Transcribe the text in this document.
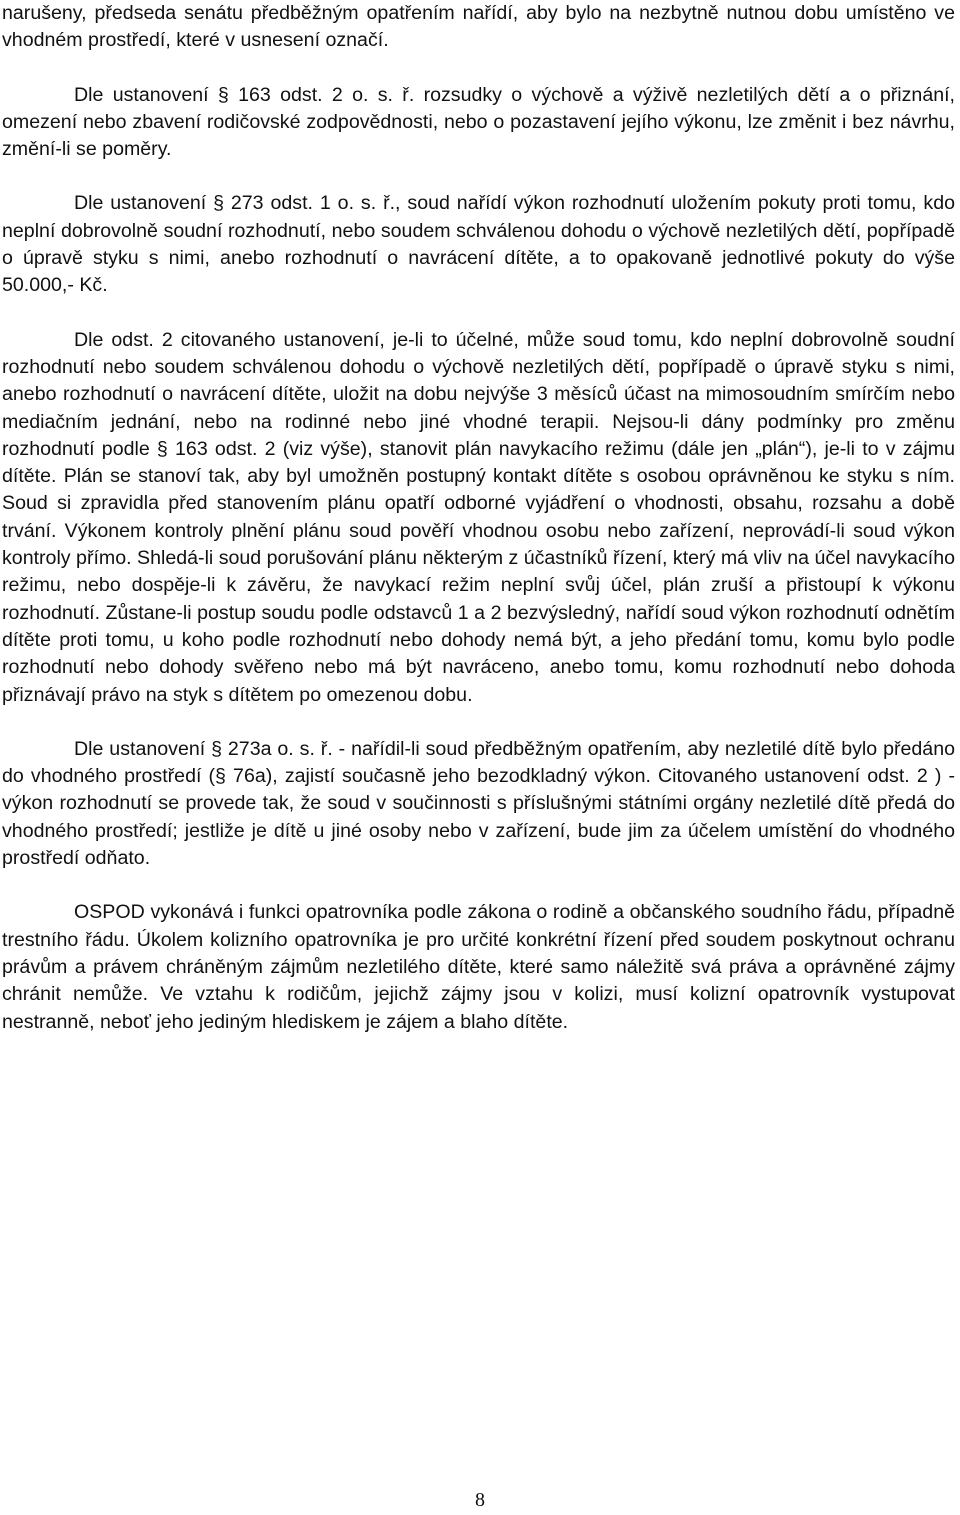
narušeny, předseda senátu předběžným opatřením nařídí, aby bylo na nezbytně nutnou dobu umístěno ve vhodném prostředí, které v usnesení označí.

Dle ustanovení § 163 odst. 2 o. s. ř. rozsudky o výchově a výživě nezletilých dětí a o přiznání, omezení nebo zbavení rodičovské zodpovědnosti, nebo o pozastavení jejího výkonu, lze změnit i bez návrhu, změní-li se poměry.

Dle ustanovení § 273 odst. 1 o. s. ř., soud nařídí výkon rozhodnutí uložením pokuty proti tomu, kdo neplní dobrovolně soudní rozhodnutí, nebo soudem schválenou dohodu o výchově nezletilých dětí, popřípadě o úpravě styku s nimi, anebo rozhodnutí o navrácení dítěte, a to opakovaně jednotlivé pokuty do výše 50.000,- Kč.

Dle odst. 2 citovaného ustanovení, je-li to účelné, může soud tomu, kdo neplní dobrovolně soudní rozhodnutí nebo soudem schválenou dohodu o výchově nezletilých dětí, popřípadě o úpravě styku s nimi, anebo rozhodnutí o navrácení dítěte, uložit na dobu nejvýše 3 měsíců účast na mimosoudním smírčím nebo mediačním jednání, nebo na rodinné nebo jiné vhodné terapii. Nejsou-li dány podmínky pro změnu rozhodnutí podle § 163 odst. 2 (viz výše), stanovit plán navykacího režimu (dále jen „plán“), je-li to v zájmu dítěte. Plán se stanoví tak, aby byl umožněn postupný kontakt dítěte s osobou oprávněnou ke styku s ním. Soud si zpravidla před stanovením plánu opatří odborné vyjádření o vhodnosti, obsahu, rozsahu a době trvání. Výkonem kontroly plnění plánu soud pověří vhodnou osobu nebo zařízení, neprovádí-li soud výkon kontroly přímo. Shledá-li soud porušování plánu některým z účastníků řízení, který má vliv na účel navykacího režimu, nebo dospěje-li k závěru, že navykací režim neplní svůj účel, plán zruší a přistoupí k výkonu rozhodnutí. Zůstane-li postup soudu podle odstavců 1 a 2 bezvýsledný, nařídí soud výkon rozhodnutí odnětím dítěte proti tomu, u koho podle rozhodnutí nebo dohody nemá být, a jeho předání tomu, komu bylo podle rozhodnutí nebo dohody svěřeno nebo má být navráceno, anebo tomu, komu rozhodnutí nebo dohoda přiznávají právo na styk s dítětem po omezenou dobu.

Dle ustanovení § 273a o. s. ř. - nařídil-li soud předběžným opatřením, aby nezletilé dítě bylo předáno do vhodného prostředí (§ 76a), zajistí současně jeho bezodkladný výkon. Citovaného ustanovení odst. 2 ) - výkon rozhodnutí se provede tak, že soud v součinnosti s příslušnými státními orgány nezletilé dítě předá do vhodného prostředí; jestliže je dítě u jiné osoby nebo v zařízení, bude jim za účelem umístění do vhodného prostředí odňato.

OSPOD vykonává i funkci opatrovníka podle zákona o rodině a občanského soudního řádu, případně trestního řádu. Úkolem kolizního opatrovníka je pro určité konkrétní řízení před soudem poskytnout ochranu právům a právem chráněným zájmům nezletilého dítěte, které samo náležitě svá práva a oprávněné zájmy chránit nemůže. Ve vztahu k rodičům, jejichž zájmy jsou v kolizi, musí kolizní opatrovník vystupovat nestranně, neboť jeho jediným hlediskem je zájem a blaho dítěte.

8
